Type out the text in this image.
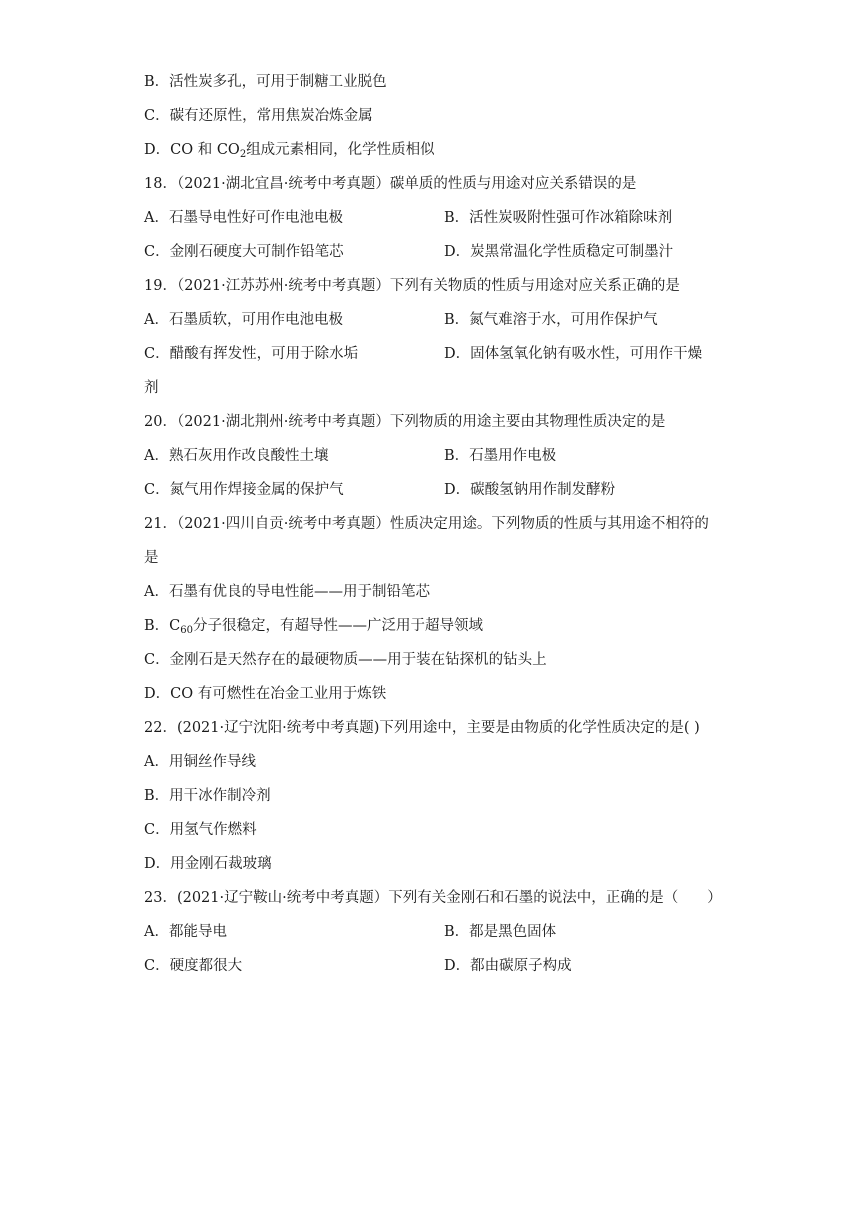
B．活性炭多孔，可用于制糖工业脱色
C．碳有还原性，常用焦炭冶炼金属
D．CO 和 $CO_2$组成元素相同，化学性质相似
18．（2021·湖北宜昌·统考中考真题）碳单质的性质与用途对应关系错误的是
A．石墨导电性好可作电池电极	B．活性炭吸附性强可作冰箱除味剂
C．金刚石硬度大可制作铅笔芯	D．炭黑常温化学性质稳定可制墨汁
19．（2021·江苏苏州·统考中考真题）下列有关物质的性质与用途对应关系正确的是
A．石墨质软，可用作电池电极	B．氮气难溶于水，可用作保护气
C．醋酸有挥发性，可用于除水垢	D．固体氢氧化钠有吸水性，可用作干燥
剂
20．（2021·湖北荆州·统考中考真题）下列物质的用途主要由其物理性质决定的是
A．熟石灰用作改良酸性土壤	B．石墨用作电极
C．氮气用作焊接金属的保护气	D．碳酸氢钠用作制发酵粉
21．（2021·四川自贡·统考中考真题）性质决定用途。下列物质的性质与其用途不相符的
是
A．石墨有优良的导电性能——用于制铅笔芯
B．$C_{60}$分子很稳定，有超导性——广泛用于超导领域
C．金刚石是天然存在的最硬物质——用于装在钻探机的钻头上
D．CO 有可燃性在冶金工业用于炼铁
22．(2021·辽宁沈阳·统考中考真题)下列用途中，主要是由物质的化学性质决定的是( )
A．用铜丝作导线
B．用干冰作制冷剂
C．用氢气作燃料
D．用金刚石裁玻璃
23．(2021·辽宁鞍山·统考中考真题）下列有关金刚石和石墨的说法中，正确的是（　　）
A．都能导电	B．都是黑色固体
C．硬度都很大	D．都由碳原子构成
